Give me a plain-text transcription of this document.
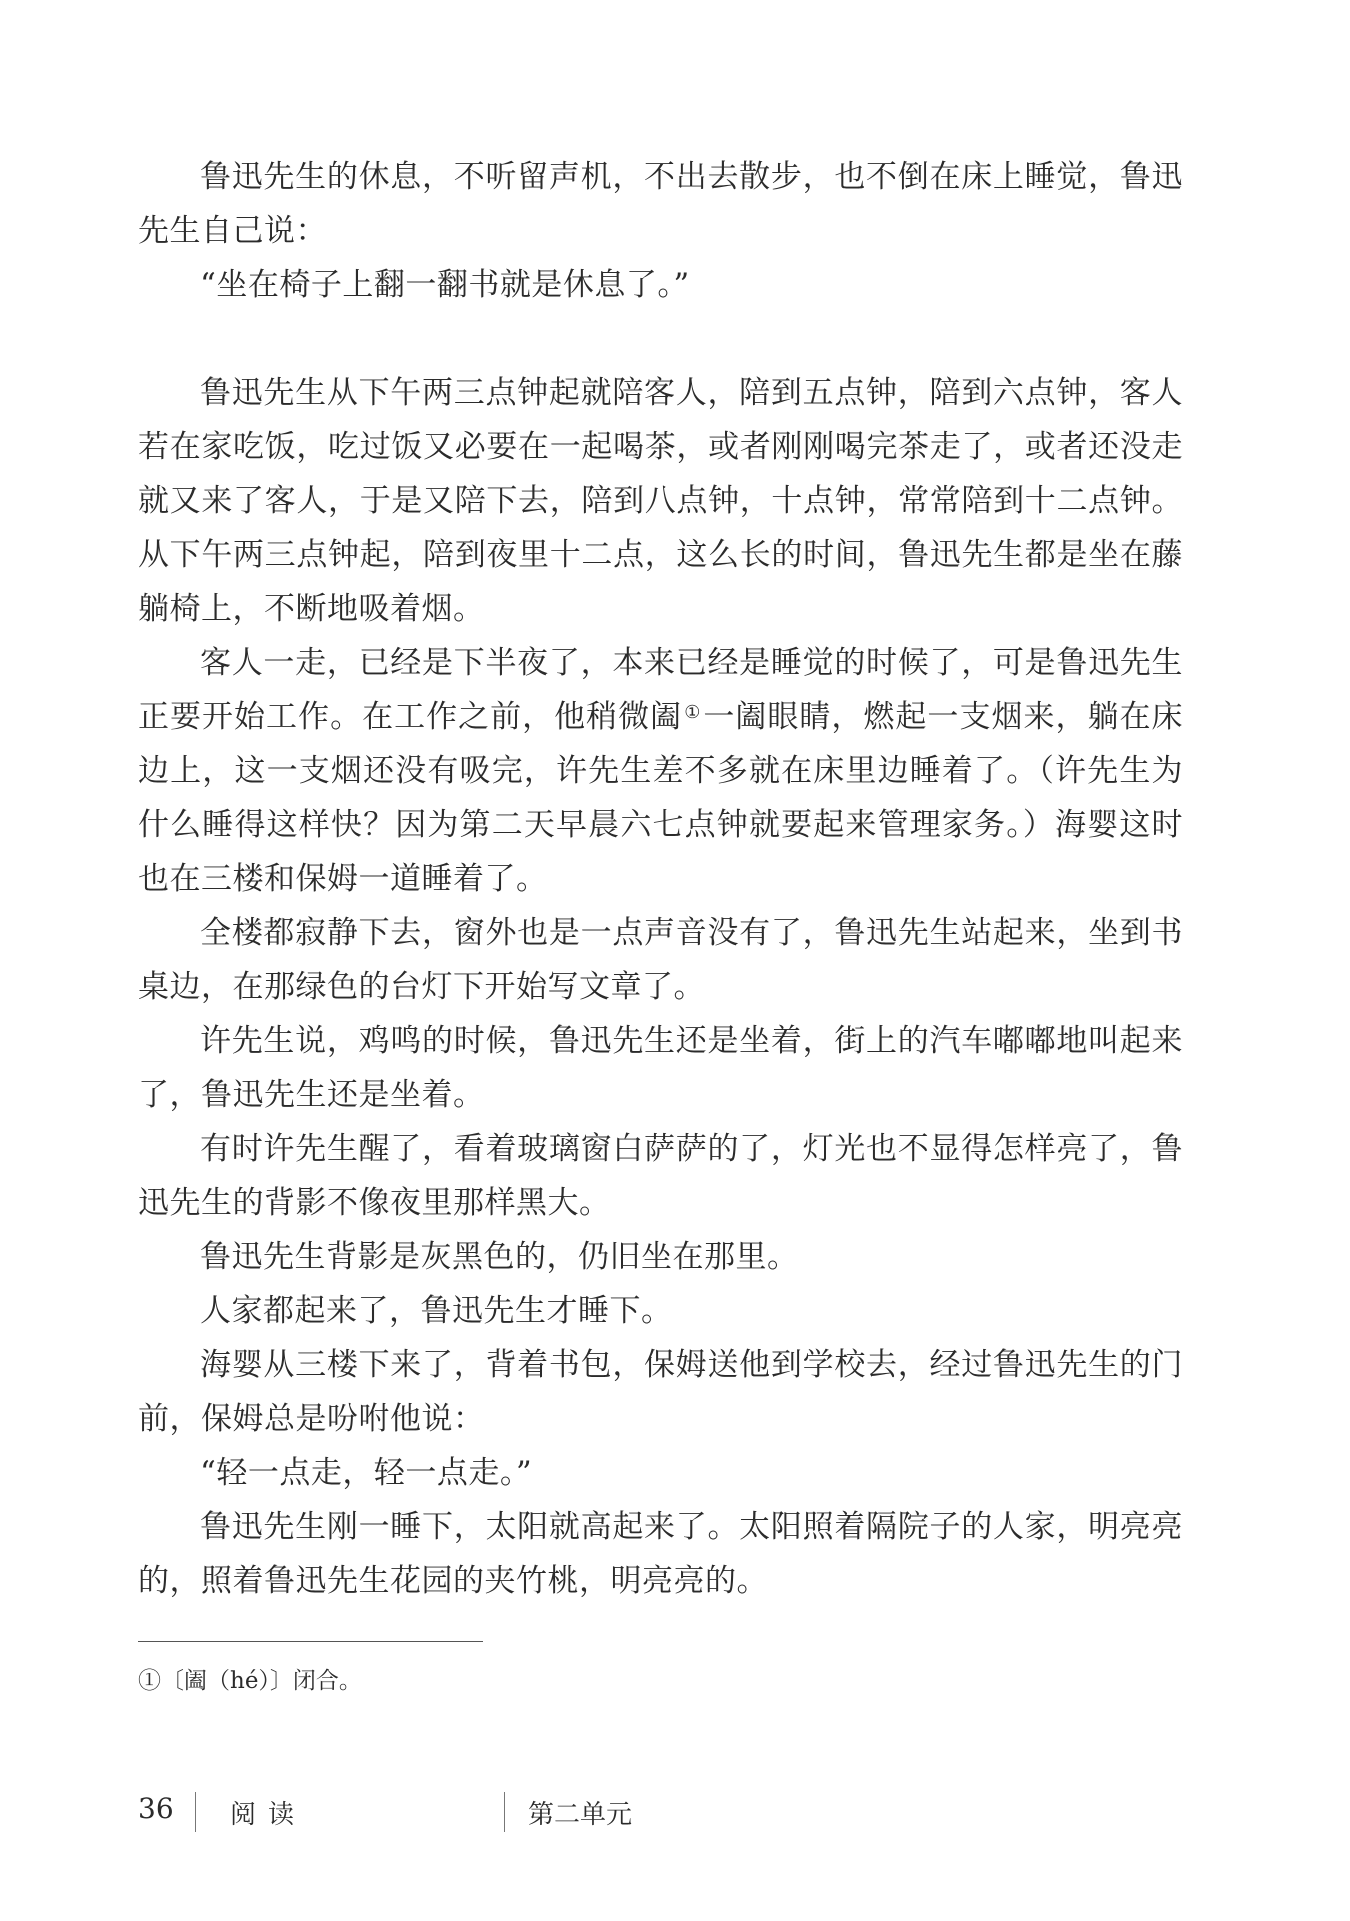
鲁迅先生的休息，不听留声机，不出去散步，也不倒在床上睡觉，鲁迅先生自己说：

“坐在椅子上翻一翻书就是休息了。”

鲁迅先生从下午两三点钟起就陪客人，陪到五点钟，陪到六点钟，客人若在家吃饭，吃过饭又必要在一起喝茶，或者刚刚喝完茶走了，或者还没走就又来了客人，于是又陪下去，陪到八点钟，十点钟，常常陪到十二点钟。从下午两三点钟起，陪到夜里十二点，这么长的时间，鲁迅先生都是坐在藤躺椅上，不断地吸着烟。

客人一走，已经是下半夜了，本来已经是睡觉的时候了，可是鲁迅先生正要开始工作。在工作之前，他稍微阖 ①一阖眼睛，燃起一支烟来，躺在床边上，这一支烟还没有吸完，许先生差不多就在床里边睡着了。（许先生为什么睡得这样快？因为第二天早晨六七点钟就要起来管理家务。）海婴这时也在三楼和保姆一道睡着了。

全楼都寂静下去，窗外也是一点声音没有了，鲁迅先生站起来，坐到书桌边，在那绿色的台灯下开始写文章了。

许先生说，鸡鸣的时候，鲁迅先生还是坐着，街上的汽车嘟嘟地叫起来了，鲁迅先生还是坐着。

有时许先生醒了，看着玻璃窗白萨萨的了，灯光也不显得怎样亮了，鲁迅先生的背影不像夜里那样黑大。

鲁迅先生背影是灰黑色的，仍旧坐在那里。

人家都起来了，鲁迅先生才睡下。

海婴从三楼下来了，背着书包，保姆送他到学校去，经过鲁迅先生的门前，保姆总是吩咐他说：

“轻一点走，轻一点走。”

鲁迅先生刚一睡下，太阳就高起来了。太阳照着隔院子的人家，明亮亮的，照着鲁迅先生花园的夹竹桃，明亮亮的。

①〔阖（hé）〕闭合。

36 阅读	第二单元
